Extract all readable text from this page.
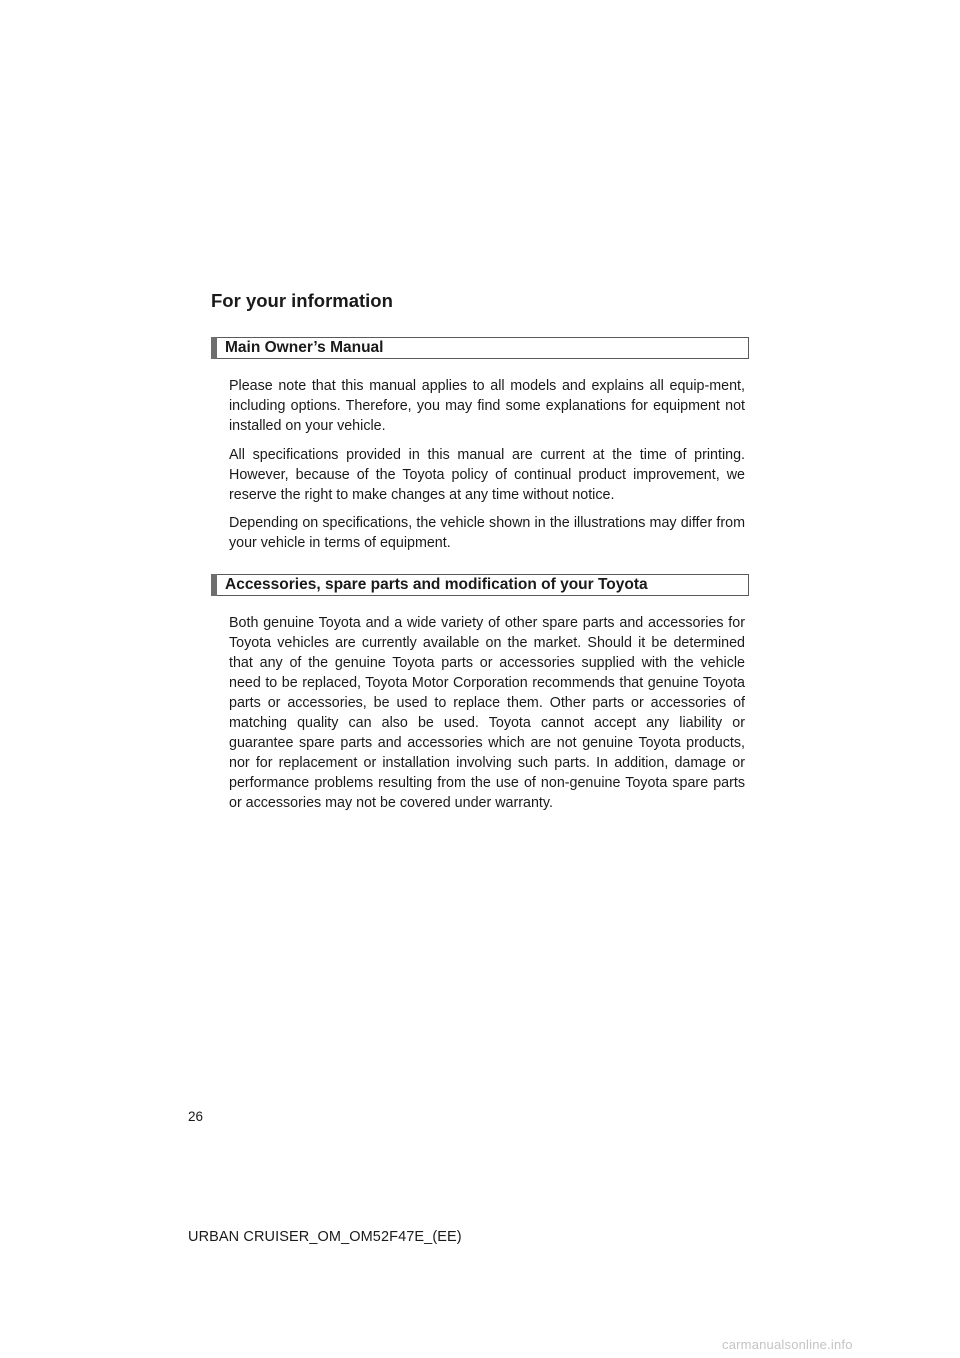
For your information
Main Owner’s Manual

Please note that this manual applies to all models and explains all equip-ment, including options. Therefore, you may find some explanations for equipment not installed on your vehicle.

All specifications provided in this manual are current at the time of printing. However, because of the Toyota policy of continual product improvement, we reserve the right to make changes at any time without notice.

Depending on specifications, the vehicle shown in the illustrations may differ from your vehicle in terms of equipment.

Accessories, spare parts and modification of your Toyota

Both genuine Toyota and a wide variety of other spare parts and accessories for Toyota vehicles are currently available on the market. Should it be determined that any of the genuine Toyota parts or accessories supplied with the vehicle need to be replaced, Toyota Motor Corporation recommends that genuine Toyota parts or accessories, be used to replace them. Other parts or accessories of matching quality can also be used. Toyota cannot accept any liability or guarantee spare parts and accessories which are not genuine Toyota products, nor for replacement or installation involving such parts. In addition, damage or performance problems resulting from the use of non-genuine Toyota spare parts or accessories may not be covered under warranty.

26
URBAN CRUISER_OM_OM52F47E_(EE)
carmanualsonline.info
